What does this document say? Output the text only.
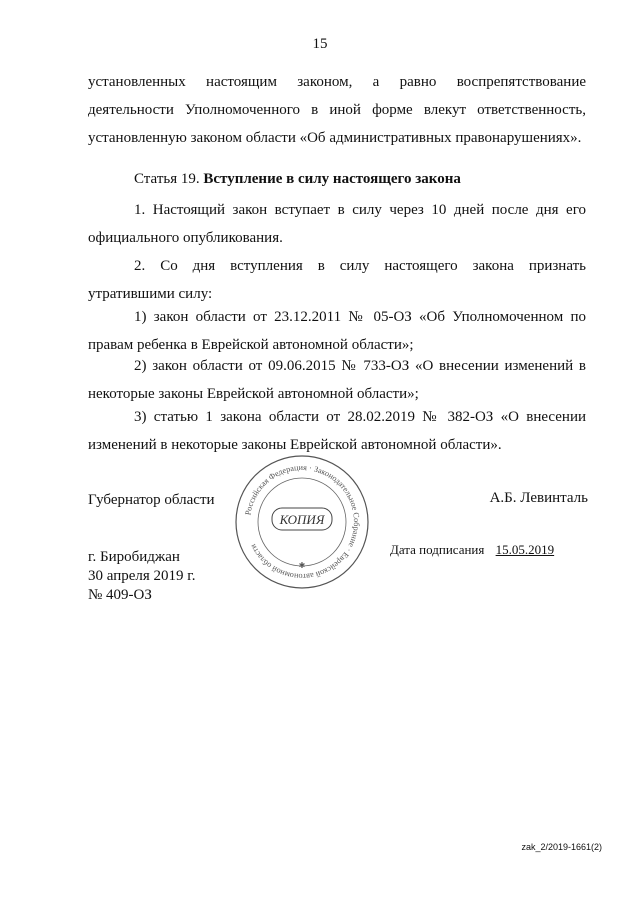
15

установленных настоящим законом, а равно воспрепятствование деятельности Уполномоченного в иной форме влекут ответственность, установленную законом области «Об административных правонарушениях».

Статья 19. Вступление в силу настоящего закона

1. Настоящий закон вступает в силу через 10 дней после дня его официального опубликования.

2. Со дня вступления в силу настоящего закона признать утратившими силу:

1) закон области от 23.12.2011 № 05-ОЗ «Об Уполномоченном по правам ребенка в Еврейской автономной области»;

2) закон области от 09.06.2015 № 733-ОЗ «О внесении изменений в некоторые законы Еврейской автономной области»;

3) статью 1 закона области от 28.02.2019 № 382-ОЗ «О внесении изменений в некоторые законы Еврейской автономной области».

Губернатор области	А.Б. Левинталь
Российская Федерация · Законодательное Собрание · Еврейской автономной области
КОПИЯ
✱
г. Биробиджан
30 апреля 2019 г.
№ 409-ОЗ
Дата подписания 15.05.2019
zak_2/2019-1661(2)
